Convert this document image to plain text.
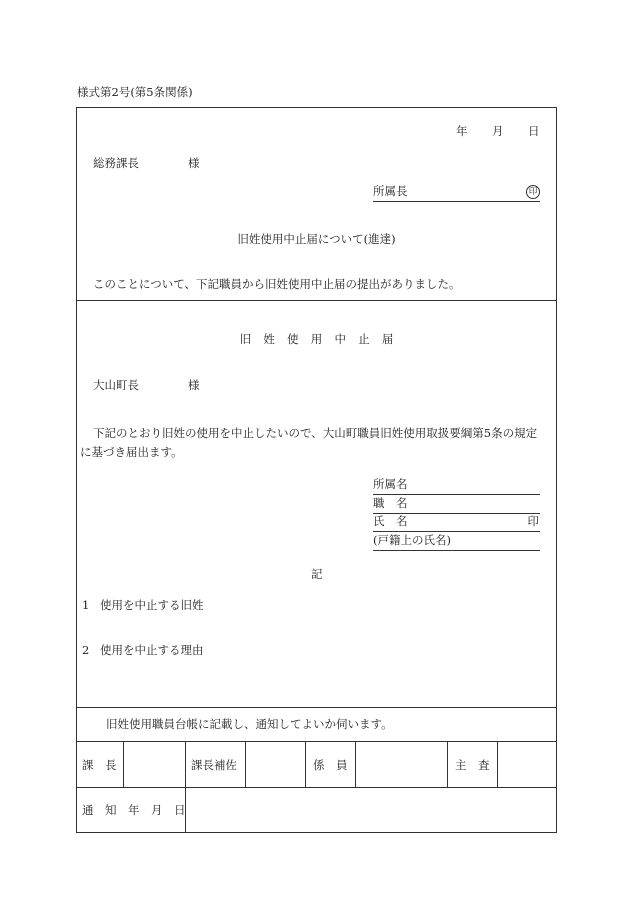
様式第2号(第5条関係)
年 月 日
総務課長	様
所属長	印
旧姓使用中止届について(進達)
このことについて、下記職員から旧姓使用中止届の提出がありました。
旧姓使用中止届
大山町長	様
下記のとおり旧姓の使用を中止したいので、大山町職員旧姓使用取扱要綱第5条の規定
に基づき届出ます。
所属名
職　名
氏　名	印
(戸籍上の氏名)
記
1 使用を中止する旧姓
2 使用を中止する理由
旧姓使用職員台帳に記載し、通知してよいか伺います。
課　長	課長補佐	係　員	主　査
通　知　年　月　日
